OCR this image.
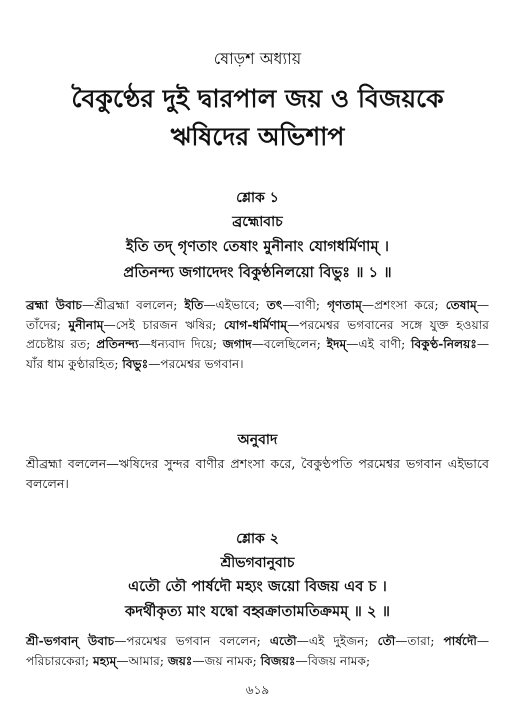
ষোড়শ অধ্যায়
বৈকুণ্ঠের দুই দ্বারপাল জয় ও বিজয়কে
ঋষিদের অভিশাপ
শ্লোক ১
ব্রহ্মোবাচ
ইতি তদ্ গৃণতাং তেষাং মুনীনাং যোগধর্মিণাম্ ।
প্রতিনন্দ্য জগাদেদং বিকুণ্ঠনিলয়ো বিভুঃ ॥ ১ ॥
ব্রহ্মা উবাচ—শ্রীব্রহ্মা বললেন; ইতি—এইভাবে; তৎ—বাণী; গৃণতাম্—প্রশংসা করে; তেষাম্—তাঁদের; মুনীনাম্—সেই চারজন ঋষির; যোগ-ধর্মিণাম্—পরমেশ্বর ভগবানের সঙ্গে যুক্ত হওয়ার প্রচেষ্টায় রত; প্রতিনন্দ্য—ধন্যবাদ দিয়ে; জগাদ—বলেছিলেন; ইদম্—এই বাণী; বিকুণ্ঠ-নিলয়ঃ—যাঁর ধাম কুণ্ঠারহিত; বিভুঃ—পরমেশ্বর ভগবান।
অনুবাদ
শ্রীব্রহ্মা বললেন—ঋষিদের সুন্দর বাণীর প্রশংসা করে, বৈকুণ্ঠপতি পরমেশ্বর ভগবান এইভাবে বললেন।
শ্লোক ২
শ্রীভগবানুবাচ
এতৌ তৌ পার্ষদৌ মহ্যং জয়ো বিজয় এব চ ।
কদর্থীকৃত্য মাং যদ্বো বহ্বক্রাতামতিক্রমম্ ॥ ২ ॥
শ্রী-ভগবান্ উবাচ—পরমেশ্বর ভগবান বললেন; এতৌ—এই দুইজন; তৌ—তারা; পার্ষদৌ—পরিচারকেরা; মহ্যম্—আমার; জয়ঃ—জয় নামক; বিজয়ঃ—বিজয় নামক;
৬১৯
